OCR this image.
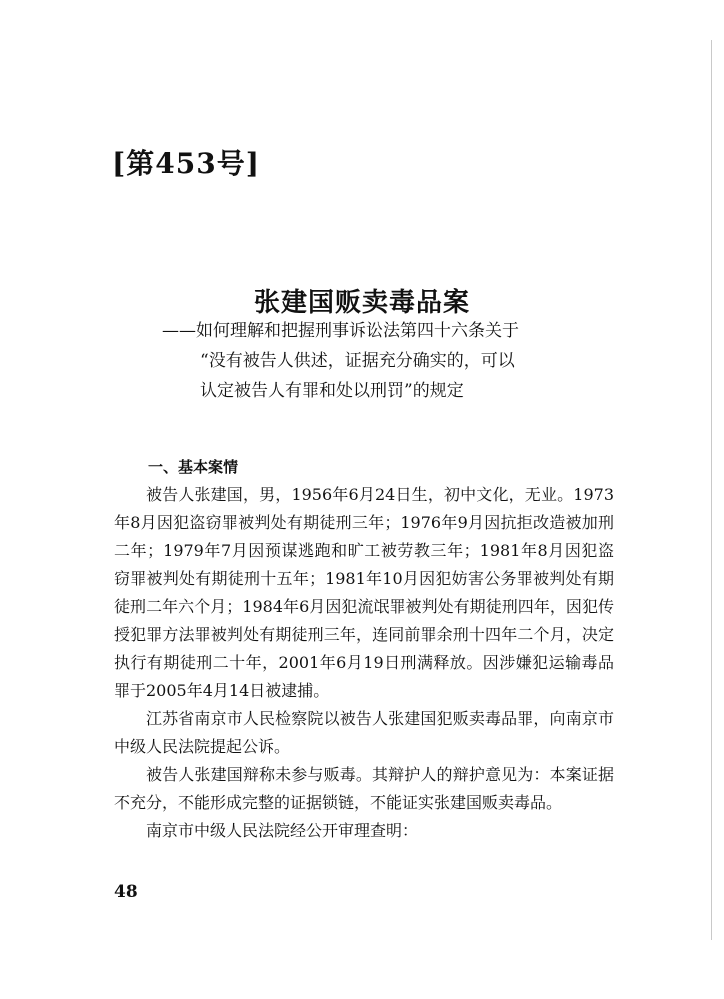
[第453号]
张建国贩卖毒品案
——如何理解和把握刑事诉讼法第四十六条关于
“没有被告人供述，证据充分确实的，可以
认定被告人有罪和处以刑罚”的规定
一、基本案情

被告人张建国，男，1956年6月24日生，初中文化，无业。1973年8月因犯盗窃罪被判处有期徒刑三年；1976年9月因抗拒改造被加刑二年；1979年7月因预谋逃跑和旷工被劳教三年；1981年8月因犯盗窃罪被判处有期徒刑十五年；1981年10月因犯妨害公务罪被判处有期徒刑二年六个月；1984年6月因犯流氓罪被判处有期徒刑四年，因犯传授犯罪方法罪被判处有期徒刑三年，连同前罪余刑十四年二个月，决定执行有期徒刑二十年，2001年6月19日刑满释放。因涉嫌犯运输毒品罪于2005年4月14日被逮捕。

江苏省南京市人民检察院以被告人张建国犯贩卖毒品罪，向南京市中级人民法院提起公诉。

被告人张建国辩称未参与贩毒。其辩护人的辩护意见为：本案证据不充分，不能形成完整的证据锁链，不能证实张建国贩卖毒品。

南京市中级人民法院经公开审理查明：

48
